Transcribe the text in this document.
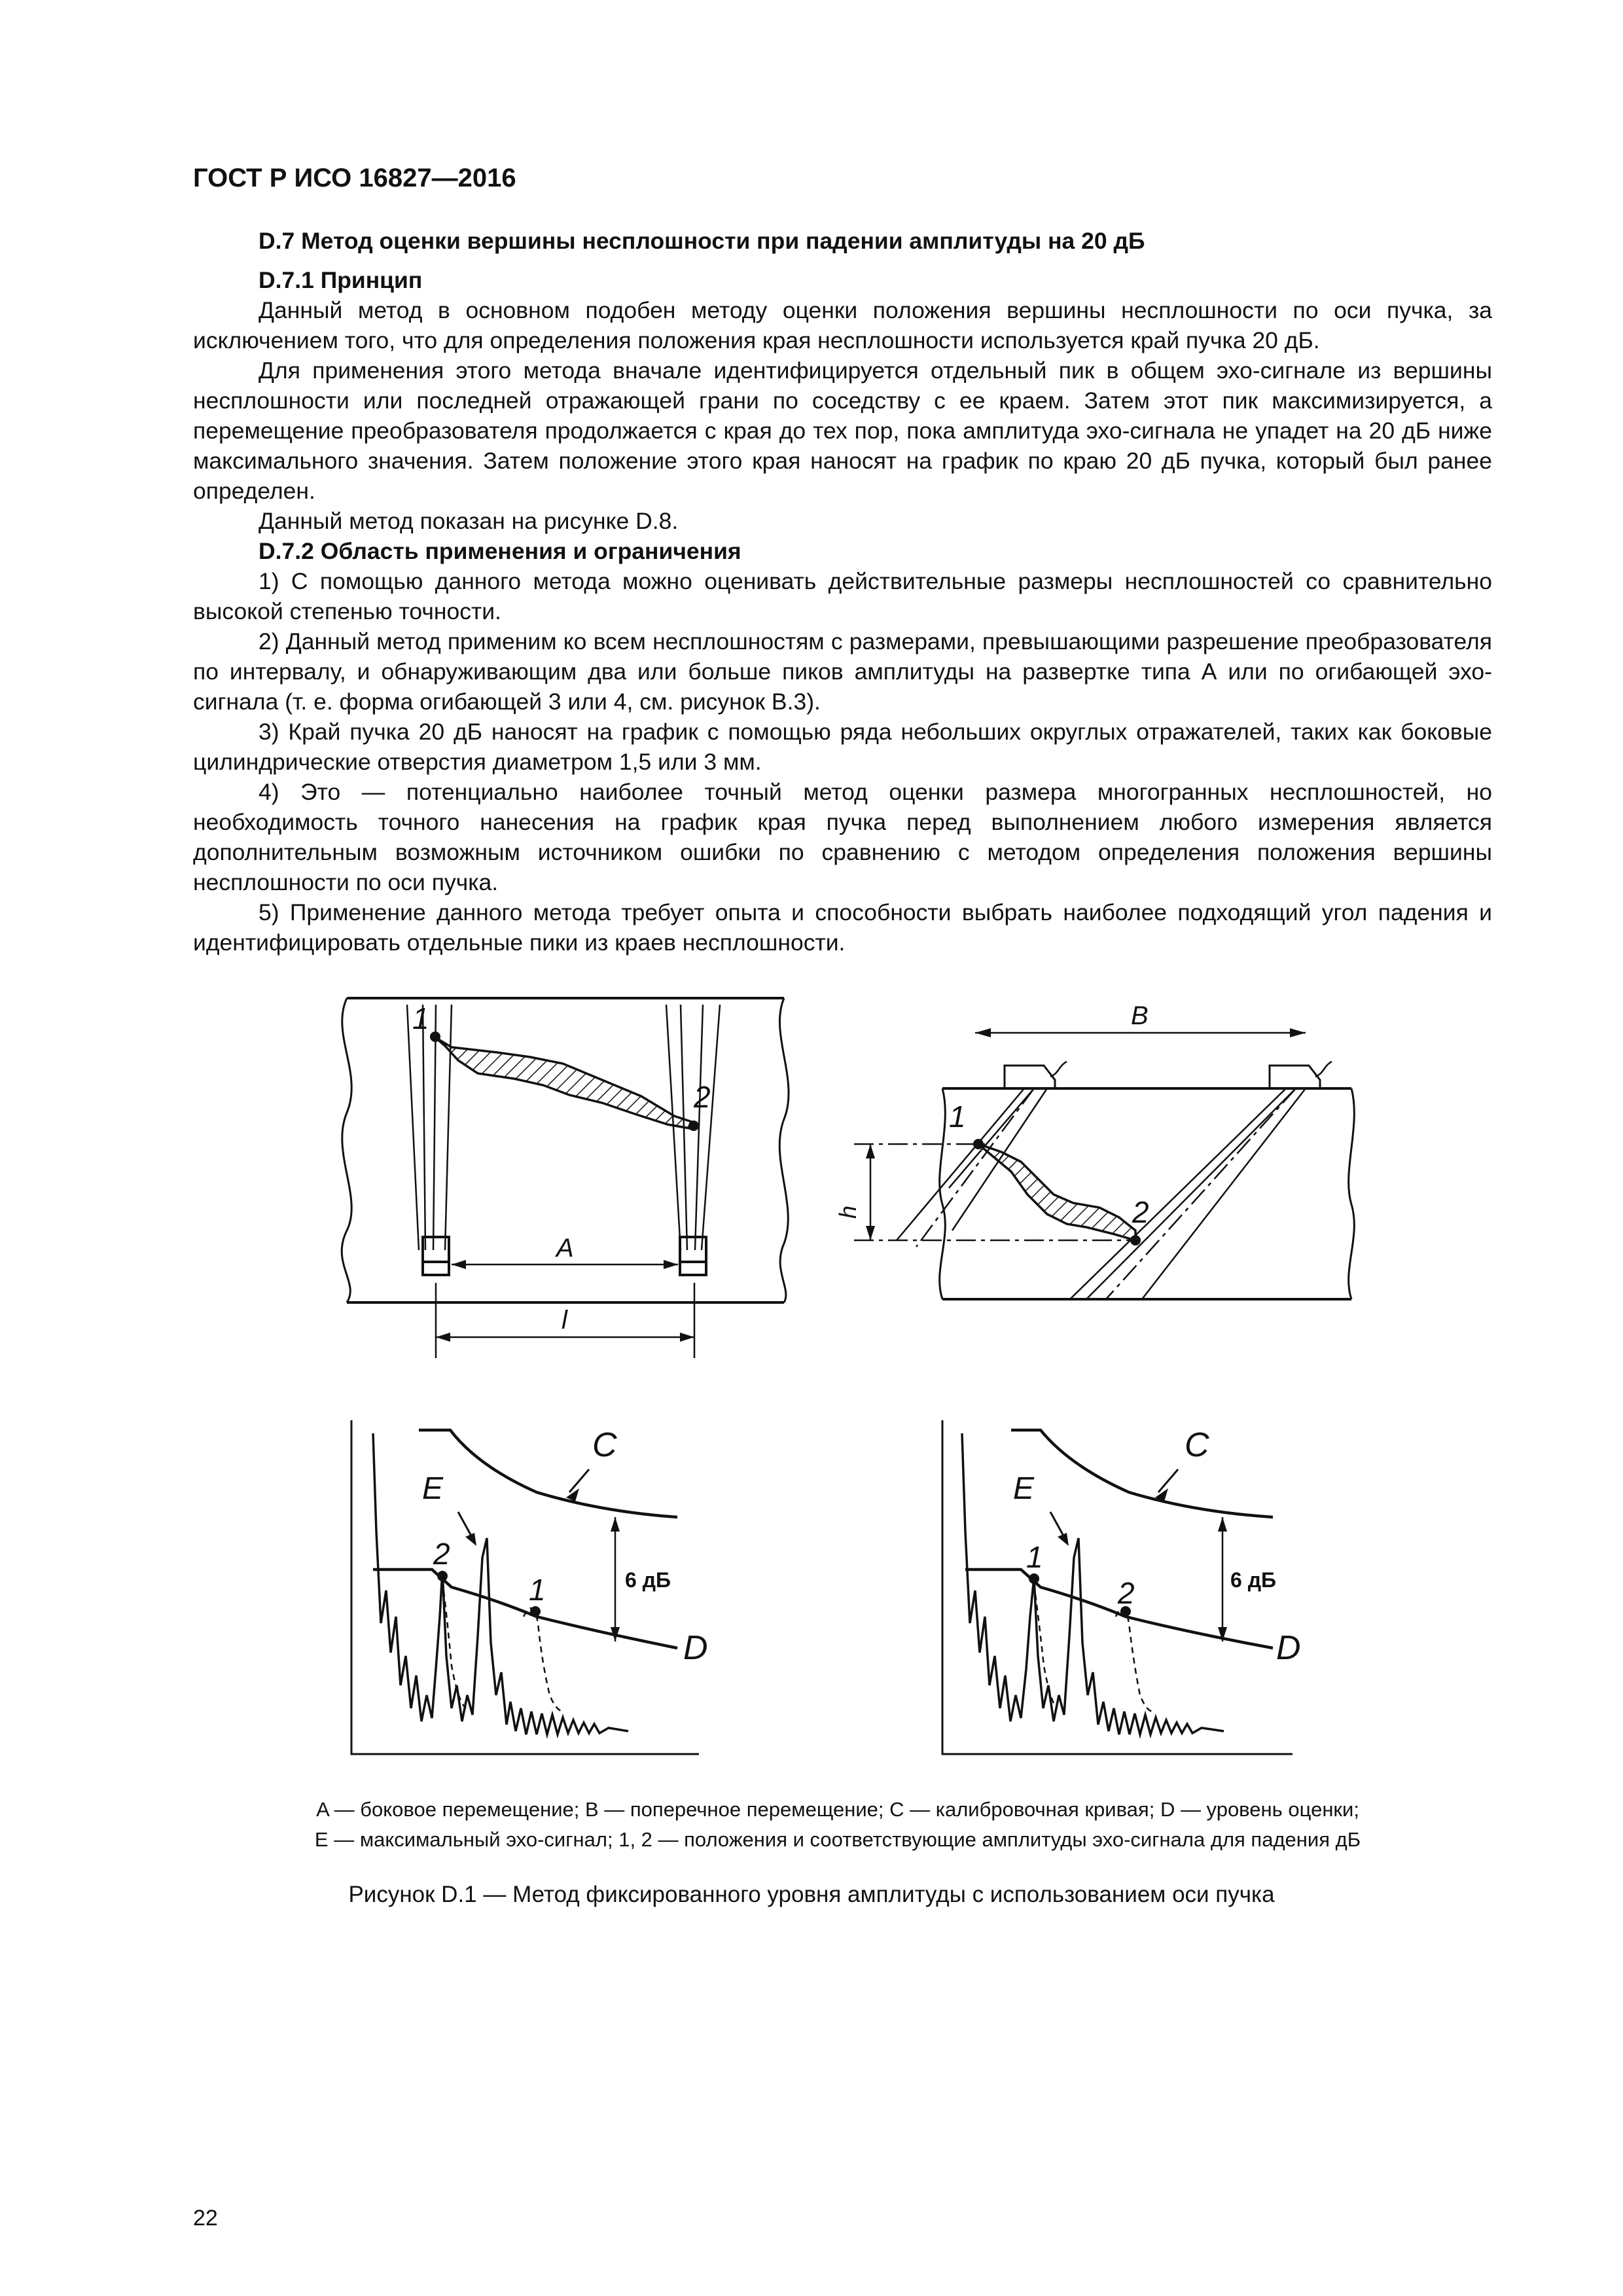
ГОСТ Р ИСО 16827—2016

D.7 Метод оценки вершины несплошности при падении амплитуды на 20 дБ

D.7.1 Принцип

Данный метод в основном подобен методу оценки положения вершины несплошности по оси пучка, за исключением того, что для определения положения края несплошности используется край пучка 20 дБ.

Для применения этого метода вначале идентифицируется отдельный пик в общем эхо-сигнале из вершины несплошности или последней отражающей грани по соседству с ее краем. Затем этот пик максимизируется, а перемещение преобразователя продолжается с края до тех пор, пока амплитуда эхо-сигнала не упадет на 20 дБ ниже максимального значения. Затем положение этого края наносят на график по краю 20 дБ пучка, который был ранее определен.

Данный метод показан на рисунке D.8.

D.7.2 Область применения и ограничения

1) С помощью данного метода можно оценивать действительные размеры несплошностей со сравнительно высокой степенью точности.

2) Данный метод применим ко всем несплошностям с размерами, превышающими разрешение преобразователя по интервалу, и обнаруживающим два или больше пиков амплитуды на развертке типа А или по огибающей эхо-сигнала (т. е. форма огибающей 3 или 4, см. рисунок В.3).

3) Край пучка 20 дБ наносят на график с помощью ряда небольших округлых отражателей, таких как боковые цилиндрические отверстия диаметром 1,5 или 3 мм.

4) Это — потенциально наиболее точный метод оценки размера многогранных несплошностей, но необходимость точного нанесения на график края пучка перед выполнением любого измерения является дополнительным возможным источником ошибки по сравнению с методом определения положения вершины несплошности по оси пучка.

5) Применение данного метода требует опыта и способности выбрать наиболее подходящий угол падения и идентифицировать отдельные пики из краев несплошности.

1
2
A
l
B
1
2
h
C
E
2
1
D
C
E
1
2
D
6 дБ	6 дБ
A — боковое перемещение; B — поперечное перемещение; C — калибровочная кривая; D — уровень оценки;
E — максимальный эхо-сигнал; 1, 2 — положения и соответствующие амплитуды эхо-сигнала для падения дБ
Рисунок D.1 — Метод фиксированного уровня амплитуды с использованием оси пучка
22
